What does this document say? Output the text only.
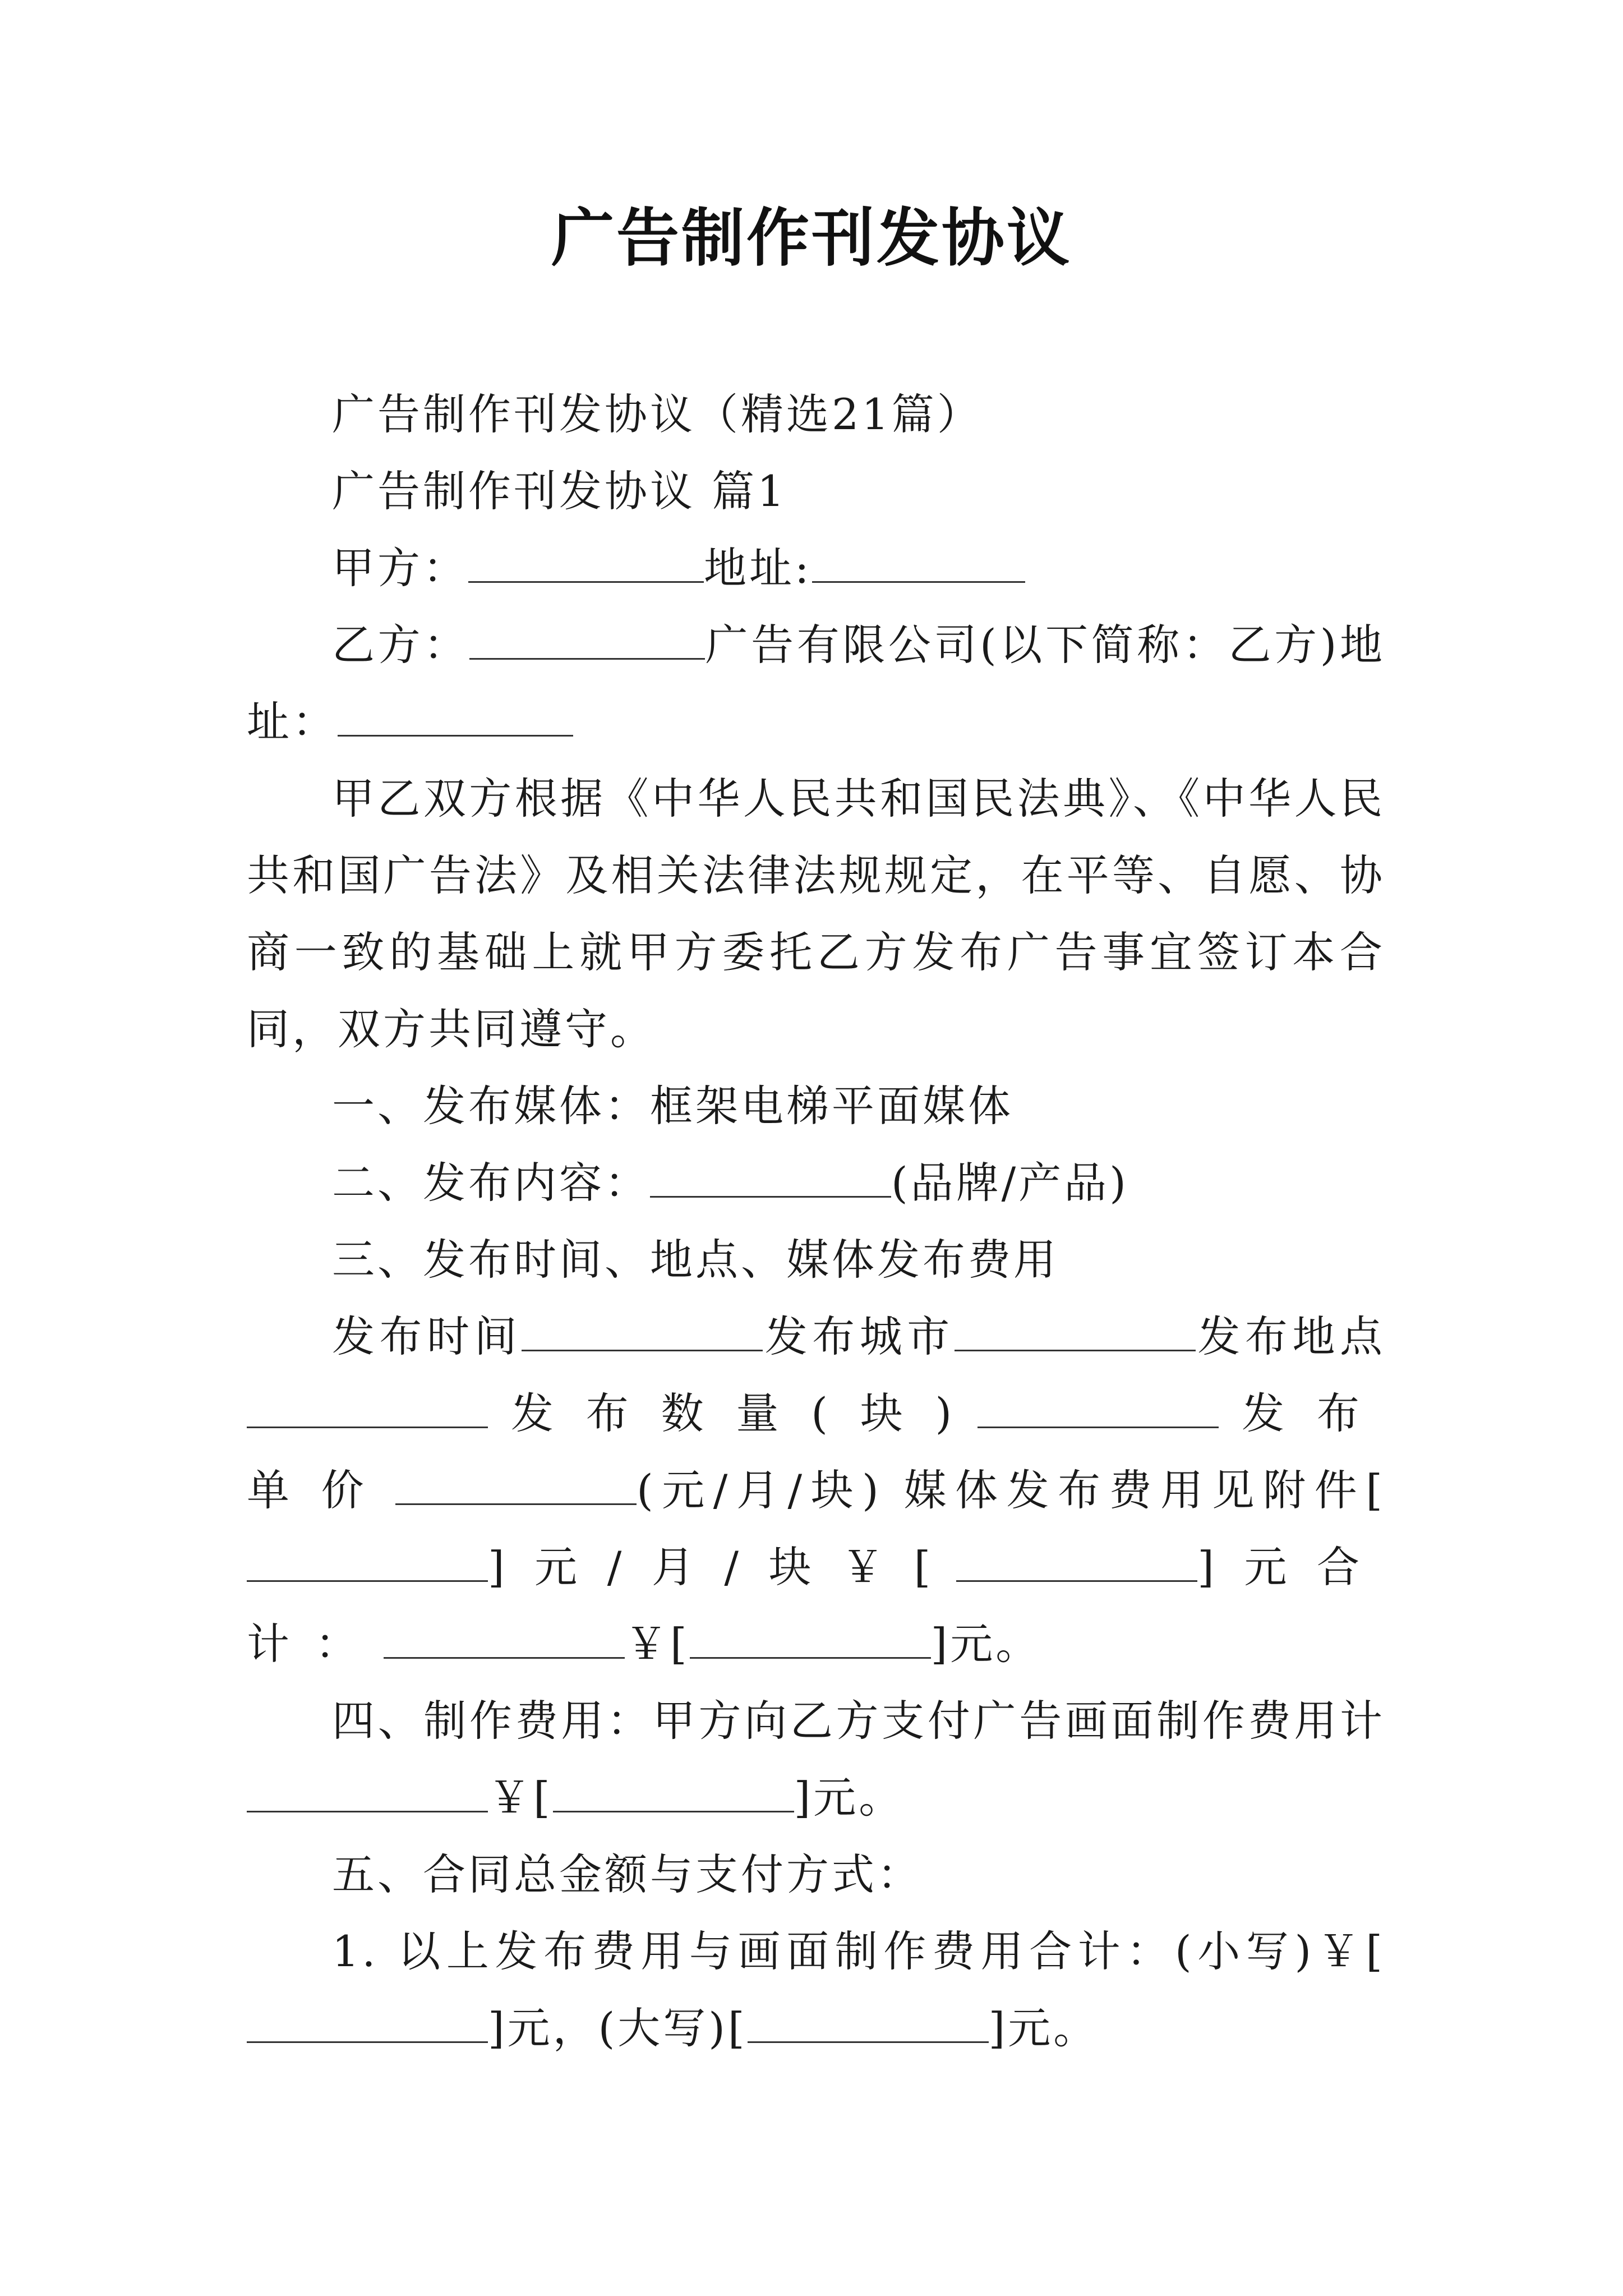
广告制作刊发协议

广告制作刊发协议（精选21篇）

广告制作刊发协议 篇1

甲方：	地址:

乙方：	广告有限公司(以下简称：乙方)地址：

甲乙双方根据《中华人民共和国民法典》、《中华人民共和国广告法》及相关法律法规规定，在平等、自愿、协商一致的基础上就甲方委托乙方发布广告事宜签订本合同，双方共同遵守。

一、发布媒体：框架电梯平面媒体

二、发布内容：	(品牌/产品)

三、发布时间、地点、媒体发布费用

发布时间	发布城市	发布地点 发布数量(块)	发布单价	(元/月/块) 媒体发布费用见附件[]元/月/块￥[	]元合计：	￥[	]元。

四、制作费用：甲方向乙方支付广告画面制作费用计￥[	]元。

五、合同总金额与支付方式：

1. 以上发布费用与画面制作费用合计：(小写)￥[]元，(大写)[	]元。
